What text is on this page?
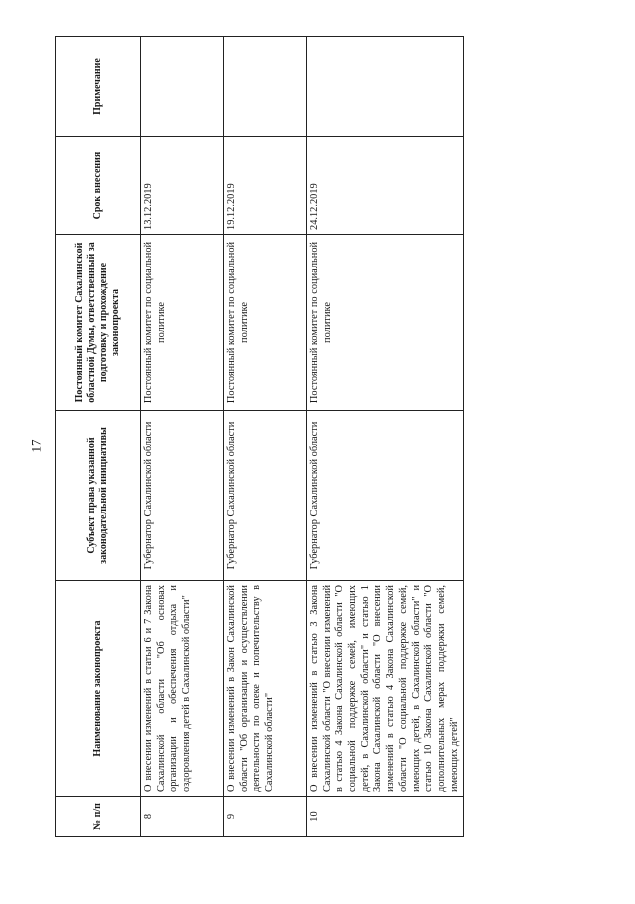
17
№ п/п	Наименование законопроекта	Субъект права указанной законодательной инициативы	Постоянный комитет Сахалинской областной Думы, ответственный за подготовку и прохождение законопроекта	Срок внесения	Примечание
8	О внесении изменений в статьи 6 и 7 Закона Сахалинской области "Об основах организации и обеспечения отдыха и оздоровления детей в Сахалинской области"	Губернатор Сахалинской области	Постоянный комитет по социальной политике	13.12.2019	
9	О внесении изменений в Закон Сахалинской области "Об организации и осуществлении деятельности по опеке и попечительству в Сахалинской области"	Губернатор Сахалинской области	Постоянный комитет по социальной политике	19.12.2019	
10	О внесении изменений в статью 3 Закона Сахалинской области "О внесении изменений в статью 4 Закона Сахалинской области "О социальной поддержке семей, имеющих детей, в Сахалинской области" и статью 1 Закона Сахалинской области "О внесении изменений в статью 4 Закона Сахалинской области "О социальной поддержке семей, имеющих детей, в Сахалинской области" и статью 10 Закона Сахалинской области "О дополнительных мерах поддержки семей, имеющих детей"	Губернатор Сахалинской области	Постоянный комитет по социальной политике	24.12.2019	
